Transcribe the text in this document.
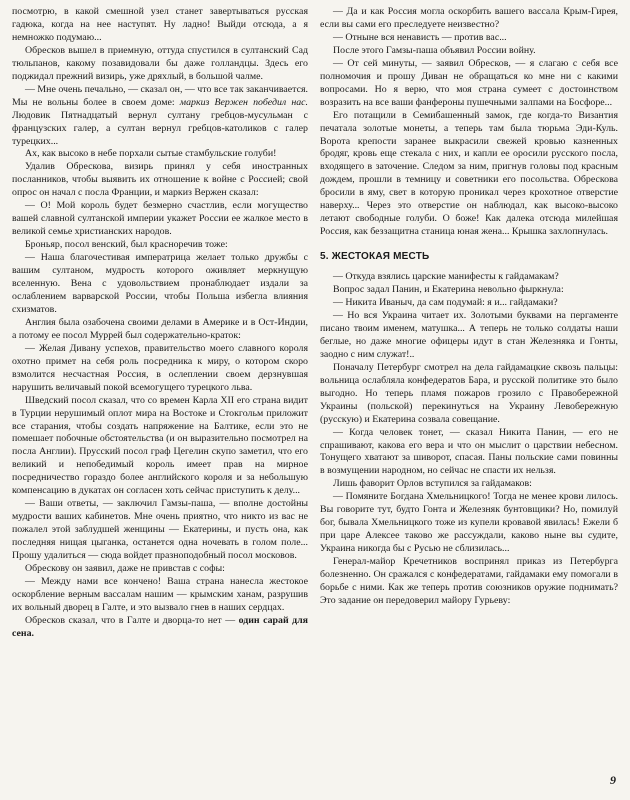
посмотрю, в какой смешной узел станет завертываться русская гадюка, когда на нее наступят. Ну ладно! Выйди отсюда, а я немножко подумаю...

Обресков вышел в приемную, оттуда спустился в султанский Сад тюльпанов, какому позавидовали бы даже голландцы. Здесь его поджидал прежний визирь, уже дряхлый, в большой чалме.

— Мне очень печально, — сказал он, — что все так заканчивается. Мы не вольны более в своем доме: маркиз Вержен победил нас. Людовик Пятнадцатый вернул султану гребцов-мусульман с французских галер, а султан вернул гребцов-католиков с галер турецких...

Ах, как высоко в небе порхали сытые стамбульские голуби!

Удалив Обрескова, визирь принял у себя иностранных посланников, чтобы выявить их отношение к войне с Россией; свой опрос он начал с посла Франции, и маркиз Вержен сказал:

— О! Мой король будет безмерно счастлив, если могущество вашей славной султанской империи укажет России ее жалкое место в великой семье христианских народов.

Броньяр, посол венский, был красноречив тоже:

— Наша благочестивая императрица желает только дружбы с вашим султаном, мудрость которого оживляет меркнущую вселенную. Вена с удовольствием пронаблюдает издали за ослаблением варварской России, чтобы Польша избегла влияния схизматов.

Англия была озабочена своими делами в Америке и в Ост-Индии, а потому ее посол Муррей был содержательно-краток:

— Желая Дивану успехов, правительство моего славного короля охотно примет на себя роль посредника к миру, о котором скоро взмолится несчастная Россия, в ослеплении своем дерзнувшая нарушить величавый покой всемогущего турецкого льва.

Шведский посол сказал, что со времен Карла XII его страна видит в Турции нерушимый оплот мира на Востоке и Стокгольм приложит все старания, чтобы создать напряжение на Балтике, если это не помешает побочные обстоятельства (и он выразительно посмотрел на посла Англии). Прусский посол граф Цегелин скупо заметил, что его великий и непобедимый король имеет прав на мирное посредничество гораздо более английского короля и за небольшую компенсацию в дукатах он согласен хоть сейчас приступить к делу...

— Ваши ответы, — заключил Гамзы-паша, — вполне достойны мудрости ваших кабинетов. Мне очень приятно, что никто из вас не пожалел этой заблудшей женщины — Екатерины, и пусть она, как последняя нищая цыганка, останется одна ночевать в голом поле... Прошу удалиться — сюда войдет празноподобный посол московов.

Обрескову он заявил, даже не привстав с софы:

— Между нами все кончено! Ваша страна нанесла жестокое оскорбление верным вассалам нашим — крымским ханам, разрушив их вольный дворец в Галте, и это вызвало гнев в наших сердцах.

Обресков сказал, что в Галте и дворца-то нет — один сарай для сена.

— Да и как Россия могла оскорбить вашего вассала Крым-Гирея, если вы сами его преследуете неизвестно?

— Отныне вся ненависть — против вас...

После этого Гамзы-паша объявил России войну.

— От сей минуты, — заявил Обресков, — я слагаю с себя все полномочия и прошу Диван не обращаться ко мне ни с какими вопросами. Но я верю, что моя страна сумеет с достоинством возразить на все ваши фанфероны пушечными залпами на Босфоре...

Его потащили в Семибашенный замок, где когда-то Византия печатала золотые монеты, а теперь там была тюрьма Эди-Куль. Ворота крепости заранее выкрасили свежей кровью казненных бродяг, кровь еще стекала с них, и капли ее оросили русского посла, входящего в заточение. Следом за ним, пригнув головы под красным дождем, прошли в темницу и советники его посольства. Обрескова бросили в яму, свет в которую проникал через крохотное отверстие наверху... Через это отверстие он наблюдал, как высоко-высоко летают свободные голуби. О боже! Как далека отсюда милейшая Россия, как беззащитна станица юная жена... Крышка захлопнулась.

5. ЖЕСТОКАЯ МЕСТЬ

— Откуда взялись царские манифесты к гайдамакам?

Вопрос задал Панин, и Екатерина невольно фыркнула:

— Никита Иваныч, да сам подумай: я и... гайдамаки?

— Но вся Украина читает их. Золотыми буквами на пергаменте писано твоим именем, матушка... А теперь не только солдаты наши беглые, но даже многие офицеры идут в стан Железняка и Гонты, заодно с ним служат!..

Поначалу Петербург смотрел на дела гайдамацкие сквозь пальцы: вольница ослабляла конфедератов Бара, и русской политике это было выгодно. Но теперь пламя пожаров грозило с Правобережной Украины (польской) перекинуться на Украину Левобережную (русскую) и Екатерина созвала совещание.

— Когда человек тонет, — сказал Никита Панин, — его не спрашивают, какова его вера и что он мыслит о царствии небесном. Тонущего хватают за шиворот, спасая. Паны польские сами повинны в возмущении народном, но сейчас не спасти их нельзя.

Лишь фаворит Орлов вступился за гайдамаков:

— Помяните Богдана Хмельницкого! Тогда не менее крови лилось. Вы говорите тут, будто Гонта и Железняк бунтовщики? Но, помилуй бог, бывала Хмельницкого тоже из купели кровавой явилась! Ежели б при царе Алексее таково же рассуждали, каково ныне вы судите, Украина никогда бы с Русью не сблизилась...

Генерал-майор Кречетников воспринял приказ из Петербурга болезненно. Он сражался с конфедератами, гайдамаки ему помогали в борьбе с ними. Как же теперь против союзников оружие поднимать? Это задание он передоверил майору Гурьеву:

9
